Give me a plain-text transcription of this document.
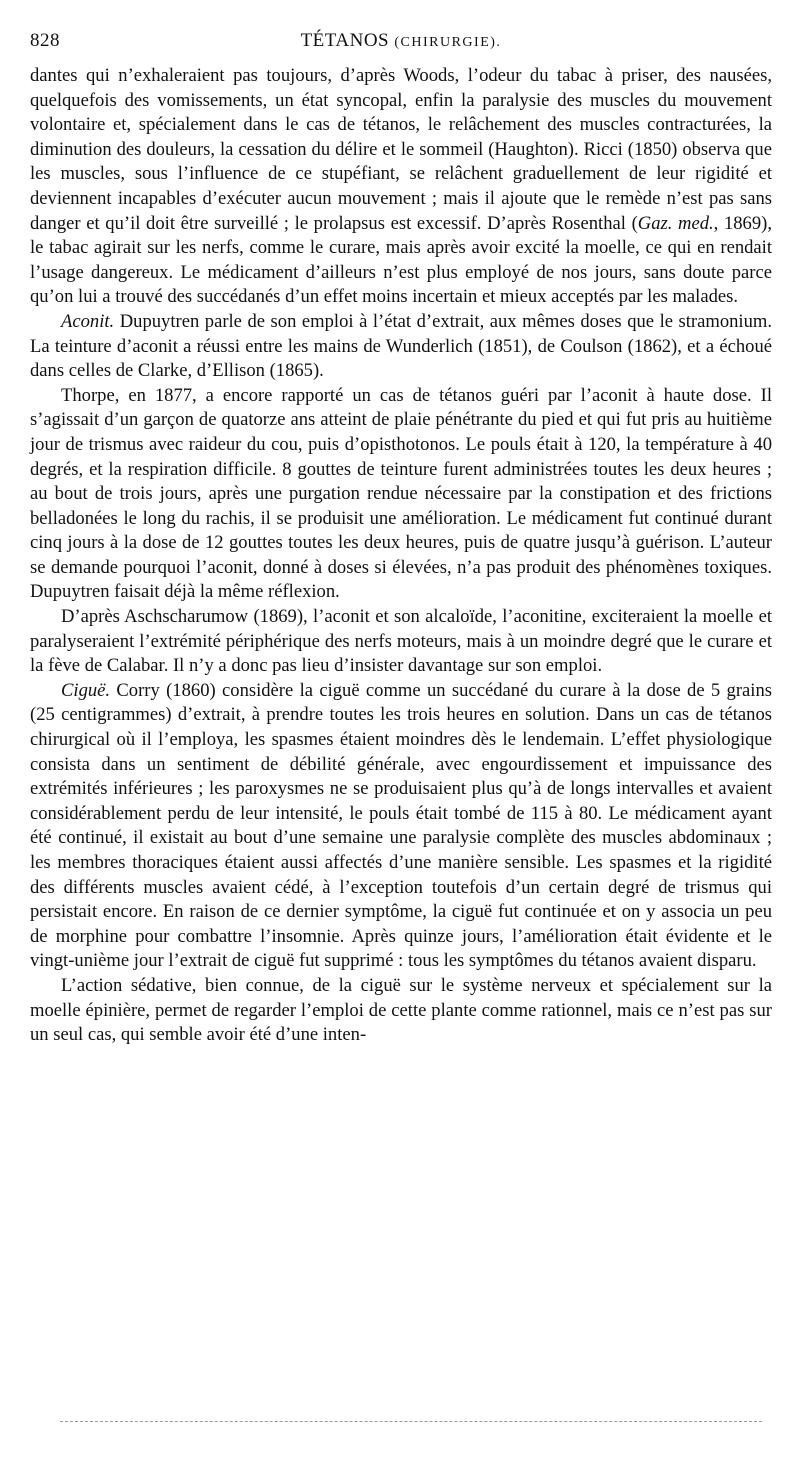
828	TÉTANOS (CHIRURGIE).

dantes qui n’exhaleraient pas toujours, d’après Woods, l’odeur du tabac à priser, des nausées, quelquefois des vomissements, un état syncopal, enfin la paralysie des muscles du mouvement volontaire et, spécialement dans le cas de tétanos, le relâchement des muscles contracturées, la diminution des douleurs, la cessation du délire et le sommeil (Haughton). Ricci (1850) observa que les muscles, sous l’influence de ce stupéfiant, se relâchent graduellement de leur rigidité et deviennent incapables d’exécuter aucun mouvement ; mais il ajoute que le remède n’est pas sans danger et qu’il doit être surveillé ; le prolapsus est excessif. D’après Rosenthal (Gaz. med., 1869), le tabac agirait sur les nerfs, comme le curare, mais après avoir excité la moelle, ce qui en rendait l’usage dangereux. Le médicament d’ailleurs n’est plus employé de nos jours, sans doute parce qu’on lui a trouvé des succédanés d’un effet moins incertain et mieux acceptés par les malades.

Aconit. Dupuytren parle de son emploi à l’état d’extrait, aux mêmes doses que le stramonium. La teinture d’aconit a réussi entre les mains de Wunderlich (1851), de Coulson (1862), et a échoué dans celles de Clarke, d’Ellison (1865).

Thorpe, en 1877, a encore rapporté un cas de tétanos guéri par l’aconit à haute dose. Il s’agissait d’un garçon de quatorze ans atteint de plaie pénétrante du pied et qui fut pris au huitième jour de trismus avec raideur du cou, puis d’opisthotonos. Le pouls était à 120, la température à 40 degrés, et la respiration difficile. 8 gouttes de teinture furent administrées toutes les deux heures ; au bout de trois jours, après une purgation rendue nécessaire par la constipation et des frictions belladonées le long du rachis, il se produisit une amélioration. Le médicament fut continué durant cinq jours à la dose de 12 gouttes toutes les deux heures, puis de quatre jusqu’à guérison. L’auteur se demande pourquoi l’aconit, donné à doses si élevées, n’a pas produit des phénomènes toxiques. Dupuytren faisait déjà la même réflexion.

D’après Aschscharumow (1869), l’aconit et son alcaloïde, l’aconitine, exciteraient la moelle et paralyseraient l’extrémité périphérique des nerfs moteurs, mais à un moindre degré que le curare et la fève de Calabar. Il n’y a donc pas lieu d’insister davantage sur son emploi.

Ciguë. Corry (1860) considère la ciguë comme un succédané du curare à la dose de 5 grains (25 centigrammes) d’extrait, à prendre toutes les trois heures en solution. Dans un cas de tétanos chirurgical où il l’employa, les spasmes étaient moindres dès le lendemain. L’effet physiologique consista dans un sentiment de débilité générale, avec engourdissement et impuissance des extrémités inférieures ; les paroxysmes ne se produisaient plus qu’à de longs intervalles et avaient considérablement perdu de leur intensité, le pouls était tombé de 115 à 80. Le médicament ayant été continué, il existait au bout d’une semaine une paralysie complète des muscles abdominaux ; les membres thoraciques étaient aussi affectés d’une manière sensible. Les spasmes et la rigidité des différents muscles avaient cédé, à l’exception toutefois d’un certain degré de trismus qui persistait encore. En raison de ce dernier symptôme, la ciguë fut continuée et on y associa un peu de morphine pour combattre l’insomnie. Après quinze jours, l’amélioration était évidente et le vingt-unième jour l’extrait de ciguë fut supprimé : tous les symptômes du tétanos avaient disparu.

L’action sédative, bien connue, de la ciguë sur le système nerveux et spécialement sur la moelle épinière, permet de regarder l’emploi de cette plante comme rationnel, mais ce n’est pas sur un seul cas, qui semble avoir été d’une inten-
